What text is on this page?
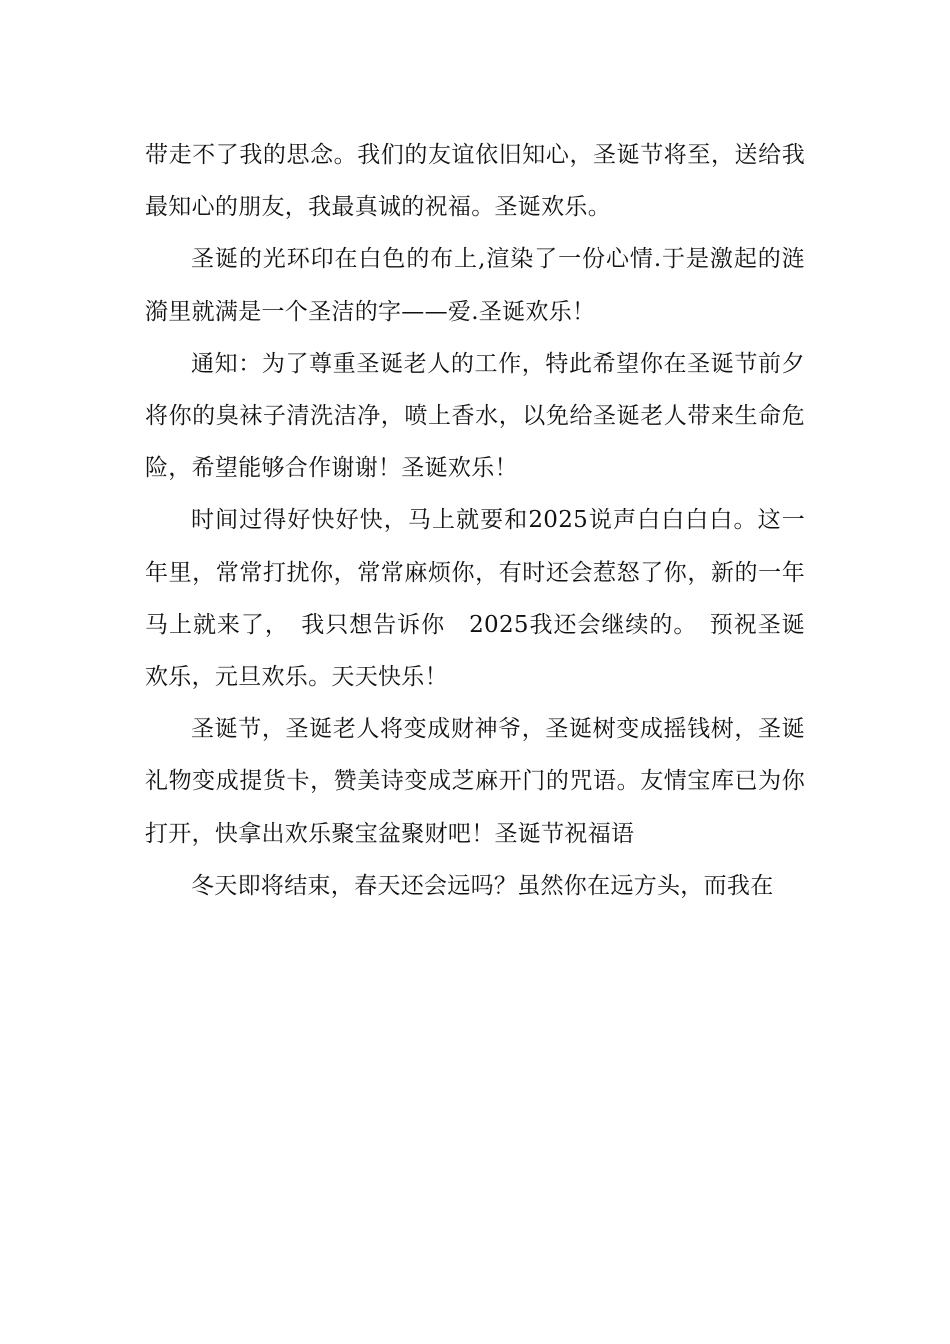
带走不了我的思念。我们的友谊依旧知心，圣诞节将至，送给我最知心的朋友，我最真诚的祝福。圣诞欢乐。

圣诞的光环印在白色的布上,渲染了一份心情.于是激起的涟漪里就满是一个圣洁的字——爱.圣诞欢乐！

通知：为了尊重圣诞老人的工作，特此希望你在圣诞节前夕将你的臭袜子清洗洁净，喷上香水，以免给圣诞老人带来生命危险，希望能够合作谢谢！圣诞欢乐！

时间过得好快好快，马上就要和2025说声白白白白。这一年里，常常打扰你，常常麻烦你，有时还会惹怒了你，新的一年马上就来了，　我只想告诉你　2025我还会继续的。　预祝圣诞欢乐，元旦欢乐。天天快乐！

圣诞节，圣诞老人将变成财神爷，圣诞树变成摇钱树，圣诞礼物变成提货卡，赞美诗变成芝麻开门的咒语。友情宝库已为你打开，快拿出欢乐聚宝盆聚财吧！圣诞节祝福语

冬天即将结束，春天还会远吗？虽然你在远方头，而我在
